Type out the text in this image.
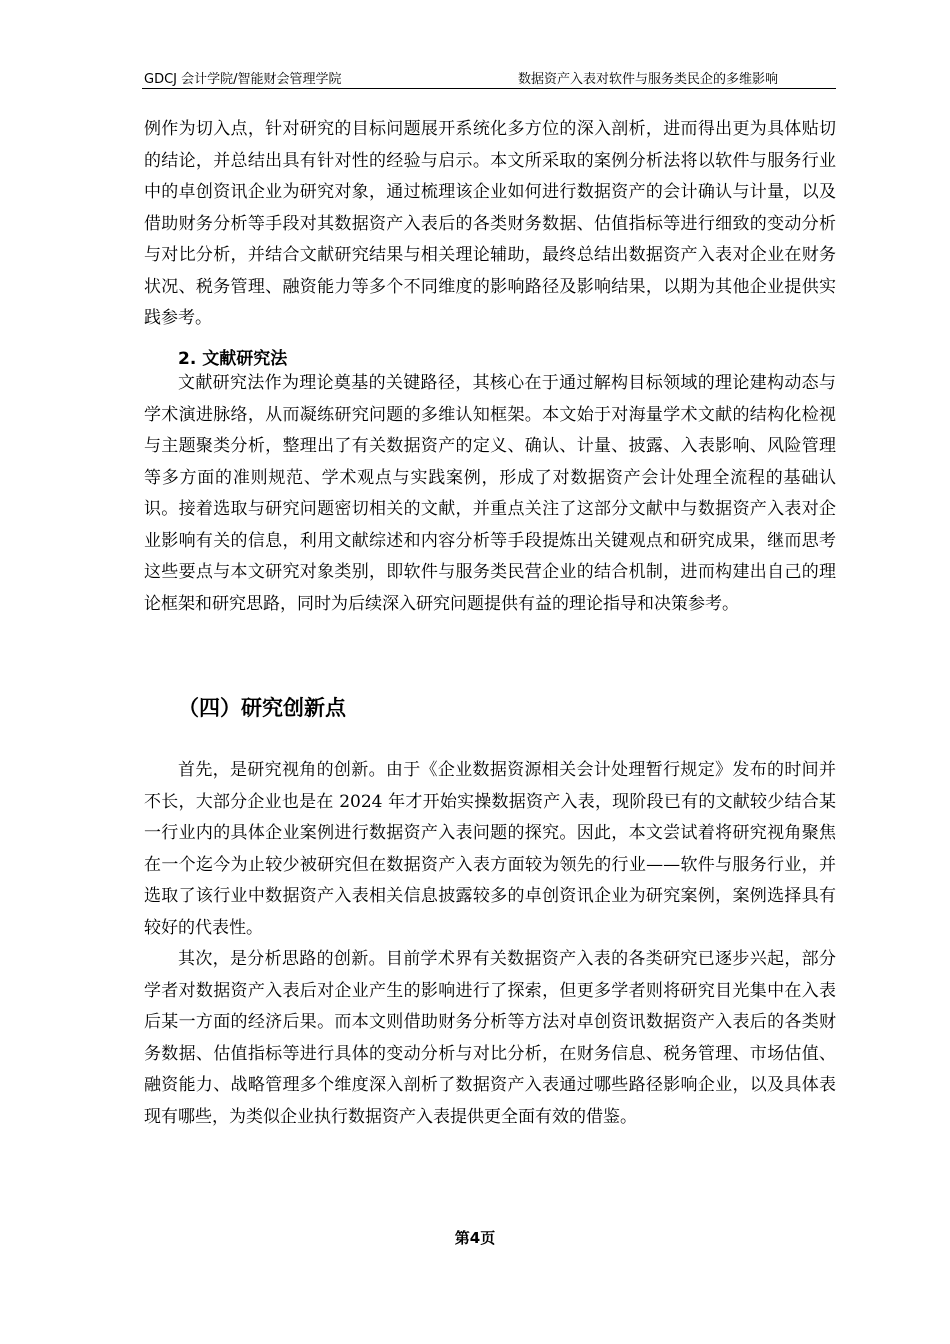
GDCJ 会计学院/智能财会管理学院	数据资产入表对软件与服务类民企的多维影响

例作为切入点，针对研究的目标问题展开系统化多方位的深入剖析，进而得出更为具体贴切的结论，并总结出具有针对性的经验与启示。本文所采取的案例分析法将以软件与服务行业中的卓创资讯企业为研究对象，通过梳理该企业如何进行数据资产的会计确认与计量，以及借助财务分析等手段对其数据资产入表后的各类财务数据、估值指标等进行细致的变动分析与对比分析，并结合文献研究结果与相关理论辅助，最终总结出数据资产入表对企业在财务状况、税务管理、融资能力等多个不同维度的影响路径及影响结果，以期为其他企业提供实践参考。

2. 文献研究法

文献研究法作为理论奠基的关键路径，其核心在于通过解构目标领域的理论建构动态与学术演进脉络，从而凝练研究问题的多维认知框架。本文始于对海量学术文献的结构化检视与主题聚类分析，整理出了有关数据资产的定义、确认、计量、披露、入表影响、风险管理等多方面的准则规范、学术观点与实践案例，形成了对数据资产会计处理全流程的基础认识。接着选取与研究问题密切相关的文献，并重点关注了这部分文献中与数据资产入表对企业影响有关的信息，利用文献综述和内容分析等手段提炼出关键观点和研究成果，继而思考这些要点与本文研究对象类别，即软件与服务类民营企业的结合机制，进而构建出自己的理论框架和研究思路，同时为后续深入研究问题提供有益的理论指导和决策参考。

（四）研究创新点

首先，是研究视角的创新。由于《企业数据资源相关会计处理暂行规定》发布的时间并不长，大部分企业也是在 2024 年才开始实操数据资产入表，现阶段已有的文献较少结合某一行业内的具体企业案例进行数据资产入表问题的探究。因此，本文尝试着将研究视角聚焦在一个迄今为止较少被研究但在数据资产入表方面较为领先的行业——软件与服务行业，并选取了该行业中数据资产入表相关信息披露较多的卓创资讯企业为研究案例，案例选择具有较好的代表性。

其次，是分析思路的创新。目前学术界有关数据资产入表的各类研究已逐步兴起，部分学者对数据资产入表后对企业产生的影响进行了探索，但更多学者则将研究目光集中在入表后某一方面的经济后果。而本文则借助财务分析等方法对卓创资讯数据资产入表后的各类财务数据、估值指标等进行具体的变动分析与对比分析，在财务信息、税务管理、市场估值、融资能力、战略管理多个维度深入剖析了数据资产入表通过哪些路径影响企业，以及具体表现有哪些，为类似企业执行数据资产入表提供更全面有效的借鉴。

第4页
